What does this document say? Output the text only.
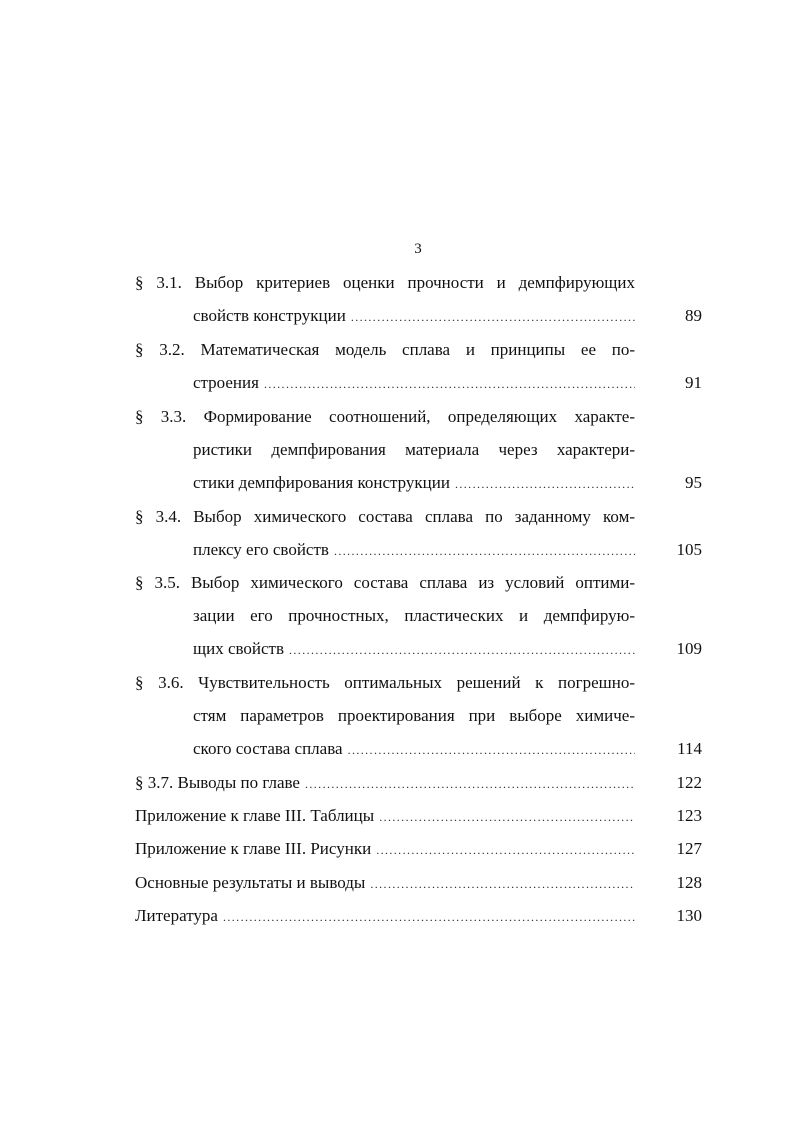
3
§ 3.1. Выбор критериев оценки прочности и демпфирующих
свойств конструкции .....	89
§ 3.2. Математическая модель сплава и принципы ее по-
строения .....	91
§ 3.3. Формирование соотношений, определяющих характе-
ристики демпфирования материала через характери-
стики демпфирования конструкции .....	95
§ 3.4. Выбор химического состава сплава по заданному ком-
плексу его свойств .....	105
§ 3.5. Выбор химического состава сплава из условий оптими-
зации его прочностных, пластических и демпфирую-
щих свойств .....	109
§ 3.6. Чувствительность оптимальных решений к погрешно-
стям параметров проектирования при выборе химиче-
ского состава сплава .....	114
§ 3.7. Выводы по главе .....	122
Приложение к главе III. Таблицы .....	123
Приложение к главе III. Рисунки .....	127
Основные результаты и выводы .....	128
Литература .....	130
